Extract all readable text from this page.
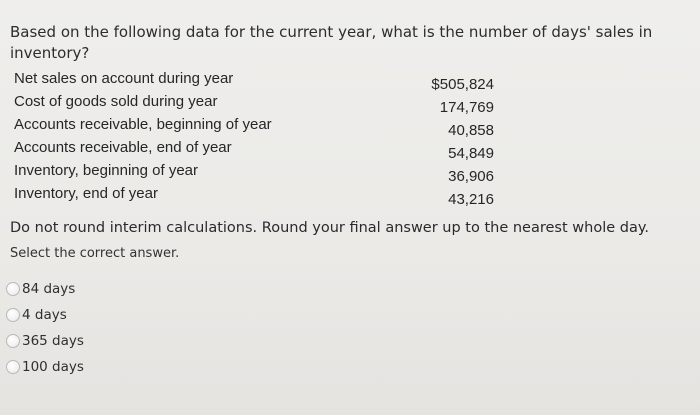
Based on the following data for the current year, what is the number of days' sales in inventory?
Net sales on account during year	$505,824
Cost of goods sold during year	174,769
Accounts receivable, beginning of year	40,858
Accounts receivable, end of year	54,849
Inventory, beginning of year	36,906
Inventory, end of year	43,216
Do not round interim calculations. Round your final answer up to the nearest whole day.
Select the correct answer.
84 days
4 days
365 days
100 days
